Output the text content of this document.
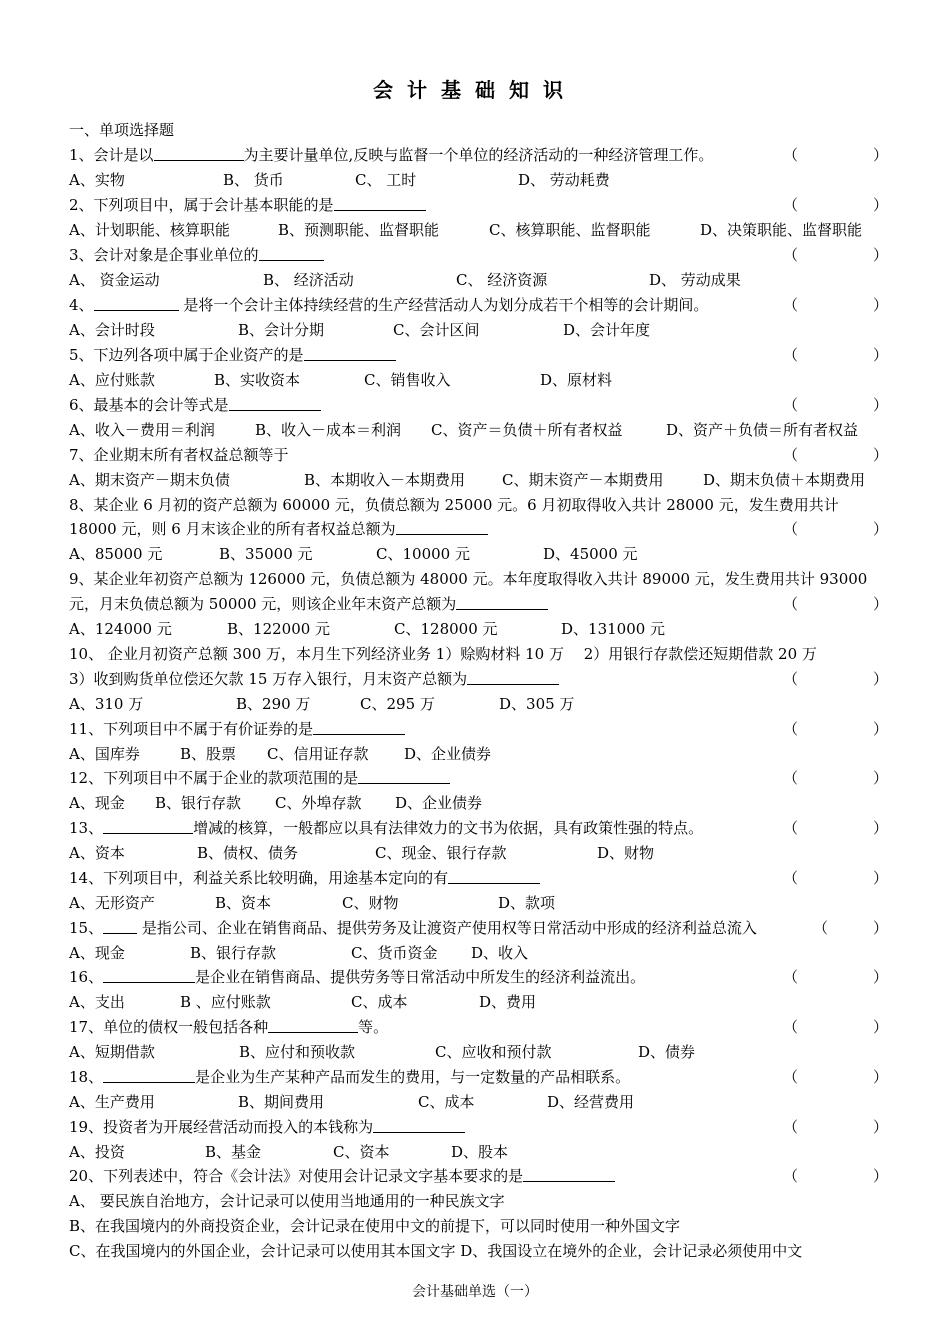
会计基础知识
一、单项选择题
1、会计是以	为主要计量单位,反映与监督一个单位的经济活动的一种经济管理工作。	（	）
A、实物	B、 货币	C、 工时	D、 劳动耗费
2、下列项目中，属于会计基本职能的是	（	）
A、计划职能、核算职能	B、预测职能、监督职能	C、核算职能、监督职能	D、决策职能、监督职能
3、会计对象是企事业单位的	（	）
A、 资金运动	B、 经济活动	C、 经济资源	D、 劳动成果
4、	是将一个会计主体持续经营的生产经营活动人为划分成若干个相等的会计期间。	（	）
A、会计时段	B、会计分期	C、会计区间	D、会计年度
5、下边列各项中属于企业资产的是	（	）
A、应付账款	B、实收资本	C、销售收入	D、原材料
6、最基本的会计等式是	（	）
A、收入－费用＝利润	B、收入－成本＝利润 C、资产＝负债＋所有者权益	D、资产＋负债＝所有者权益
7、企业期末所有者权益总额等于	（	）
A、期末资产－期末负债	B、本期收入－本期费用 C、期末资产－本期费用	D、期末负债＋本期费用
8、某企业 6 月初的资产总额为 60000 元，负债总额为 25000 元。6 月初取得收入共计 28000 元，发生费用共计
18000 元，则 6 月末该企业的所有者权益总额为	（	）
A、85000 元	B、35000 元	C、10000 元	D、45000 元
9、某企业年初资产总额为 126000 元，负债总额为 48000 元。本年度取得收入共计 89000 元，发生费用共计 93000
元，月末负债总额为 50000 元，则该企业年末资产总额为	（	）
A、124000 元	B、122000 元	C、128000 元	D、131000 元
10、 企业月初资产总额 300 万，本月生下列经济业务 1）赊购材料 10 万　 2）用银行存款偿还短期借款 20 万
3）收到购货单位偿还欠款 15 万存入银行，月末资产总额为	（	）
A、310 万	B、290 万	C、295 万	D、305 万
11、下列项目中不属于有价证券的是	（	）
A、国库券	B、股票 C、信用证存款 D、企业债券
12、下列项目中不属于企业的款项范围的是	（	）
A、现金 B、银行存款 C、外埠存款 D、企业债券
13、	增减的核算，一般都应以具有法律效力的文书为依据，具有政策性强的特点。	（	）
A、资本	B、债权、债务	C、现金、银行存款	D、财物
14、下列项目中，利益关系比较明确，用途基本定向的有	（	）
A、无形资产	B、资本	C、财物	D、款项
15、 是指公司、企业在销售商品、提供劳务及让渡资产使用权等日常活动中形成的经济利益总流入	（	）
A、现金	B、银行存款	C、货币资金 D、收入
16、	是企业在销售商品、提供劳务等日常活动中所发生的经济利益流出。	（	）
A、支出	B 、应付账款	C、成本	D、费用
17、单位的债权一般包括各种	等。	（	）
A、短期借款	B、应付和预收款	C、应收和预付款	D、债券
18、	是企业为生产某种产品而发生的费用，与一定数量的产品相联系。	（	）
A、生产费用	B、期间费用	C、成本	D、经营费用
19、投资者为开展经营活动而投入的本钱称为	（	）
A、投资	B、基金	C、资本	D、股本
20、下列表述中，符合《会计法》对使用会计记录文字基本要求的是	（	）
A、 要民族自治地方，会计记录可以使用当地通用的一种民族文字
B、在我国境内的外商投资企业，会计记录在使用中文的前提下，可以同时使用一种外国文字
C、在我国境内的外国企业，会计记录可以使用其本国文字 D、我国设立在境外的企业，会计记录必须使用中文
会计基础单选（一）
